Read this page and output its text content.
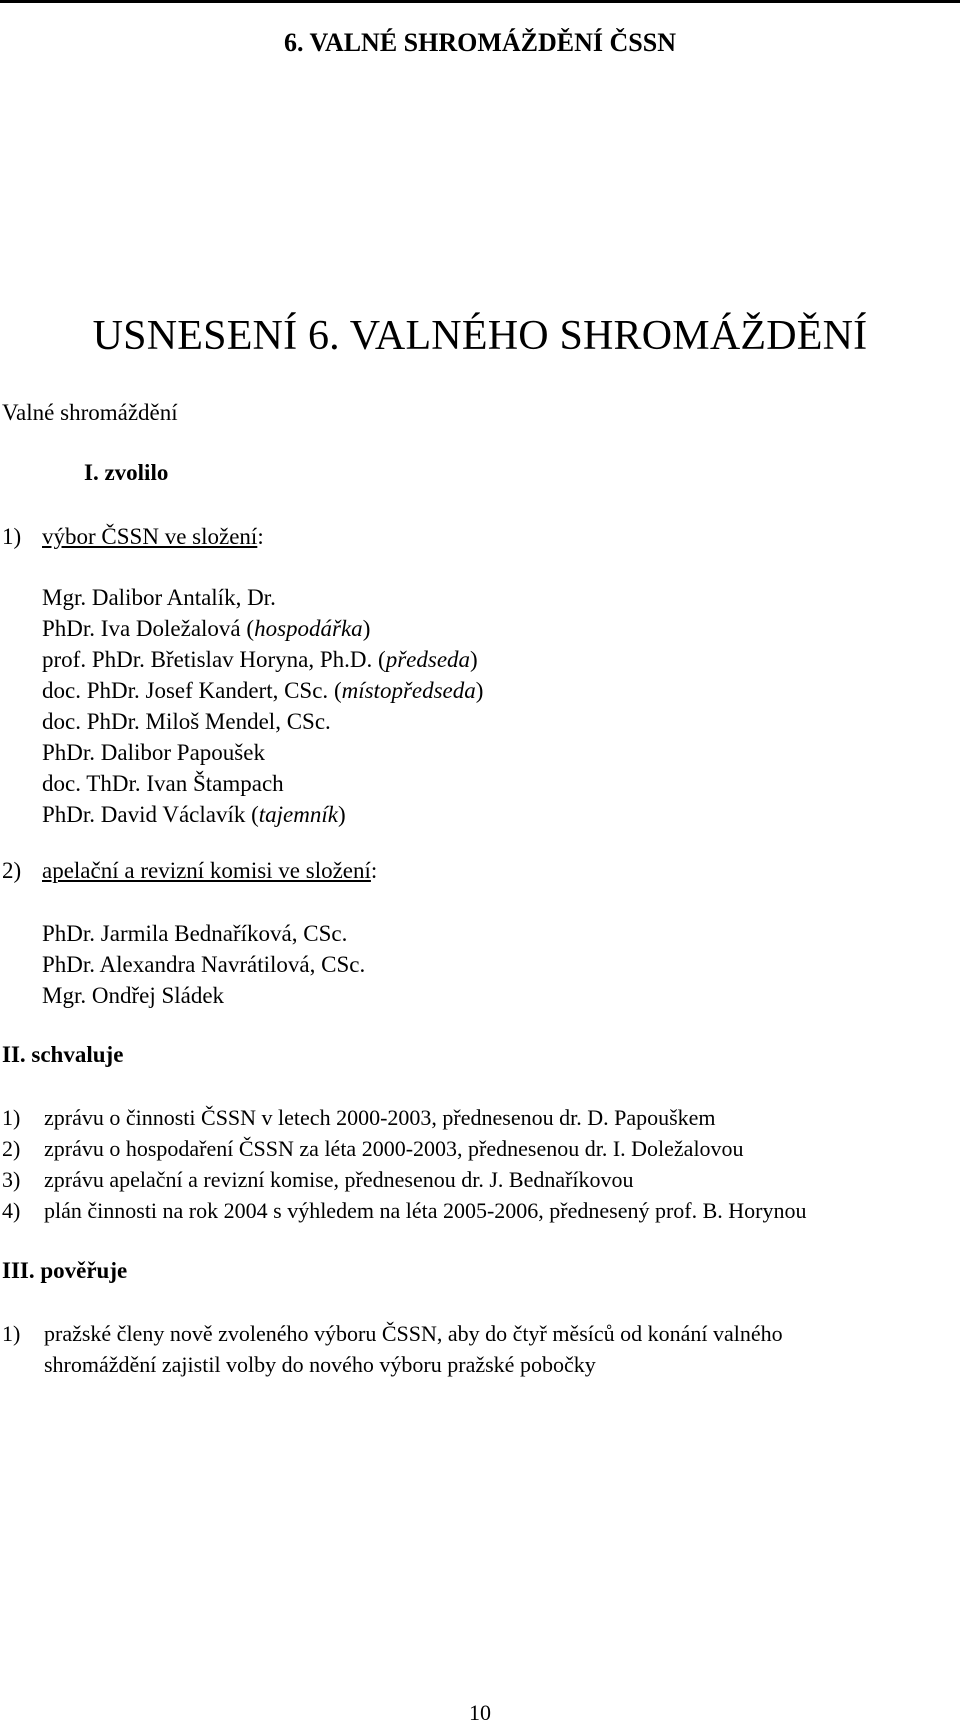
6. VALNÉ SHROMÁŽDĚNÍ ČSSN
USNESENÍ 6. VALNÉHO SHROMÁŽDĚNÍ
Valné shromáždění
I. zvolilo
1) výbor ČSSN ve složení:
Mgr. Dalibor Antalík, Dr.
PhDr. Iva Doležalová (hospodářka)
prof. PhDr. Břetislav Horyna, Ph.D. (předseda)
doc. PhDr. Josef Kandert, CSc. (místopředseda)
doc. PhDr. Miloš Mendel, CSc.
PhDr. Dalibor Papoušek
doc. ThDr. Ivan Štampach
PhDr. David Václavík (tajemník)
2) apelační a revizní komisi ve složení:
PhDr. Jarmila Bednaříková, CSc.
PhDr. Alexandra Navrátilová, CSc.
Mgr. Ondřej Sládek
II. schvaluje
1)	zprávu o činnosti ČSSN v letech 2000-2003, přednesenou dr. D. Papouškem
2)	zprávu o hospodaření ČSSN za léta 2000-2003, přednesenou dr. I. Doležalovou
3)	zprávu apelační a revizní komise, přednesenou dr. J. Bednaříkovou
4)	plán činnosti na rok 2004 s výhledem na léta 2005-2006, přednesený prof. B. Horynou
III. pověřuje
1)	pražské členy nově zvoleného výboru ČSSN, aby do čtyř měsíců od konání valného
shromáždění zajistil volby do nového výboru pražské pobočky
10
